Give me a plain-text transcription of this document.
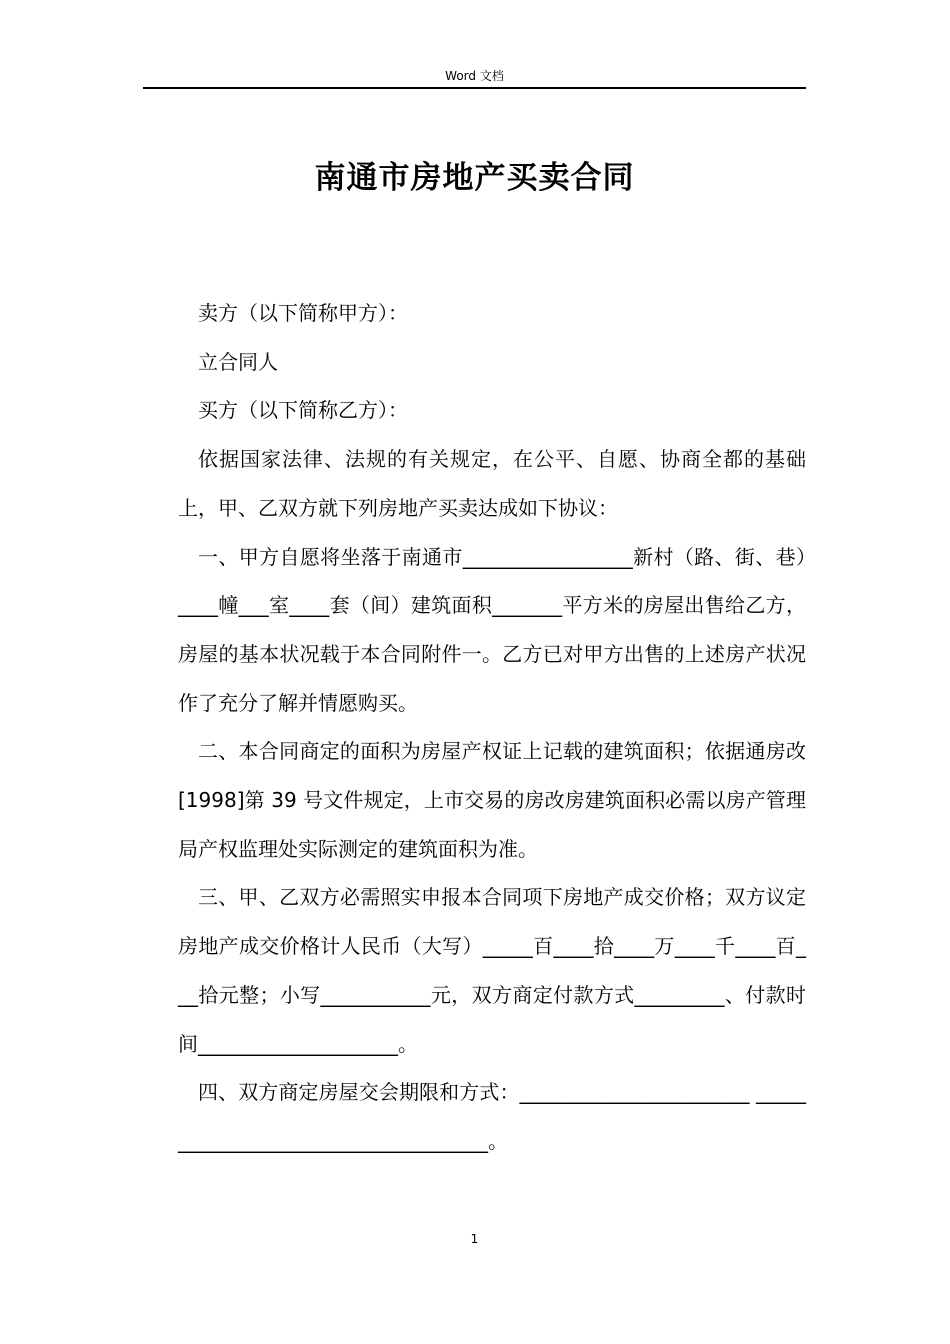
Word 文档
南通市房地产买卖合同

卖方（以下简称甲方）：

立合同人

买方（以下简称乙方）：

依据国家法律、法规的有关规定，在公平、自愿、协商全都的基础上，甲、乙双方就下列房地产买卖达成如下协议：

一、甲方自愿将坐落于南通市_________________新村（路、街、巷）____幢___室____套（间）建筑面积_______平方米的房屋出售给乙方，房屋的基本状况载于本合同附件一。乙方已对甲方出售的上述房产状况作了充分了解并情愿购买。

二、本合同商定的面积为房屋产权证上记载的建筑面积；依据通房改[1998]第 39 号文件规定，上市交易的房改房建筑面积必需以房产管理局产权监理处实际测定的建筑面积为准。

三、甲、乙双方必需照实申报本合同项下房地产成交价格；双方议定房地产成交价格计人民币（大写）_____百____拾____万____千____百___拾元整；小写___________元，双方商定付款方式_________、付款时间____________________。

四、双方商定房屋交会期限和方式：_______________________ ____________________________________。

1
